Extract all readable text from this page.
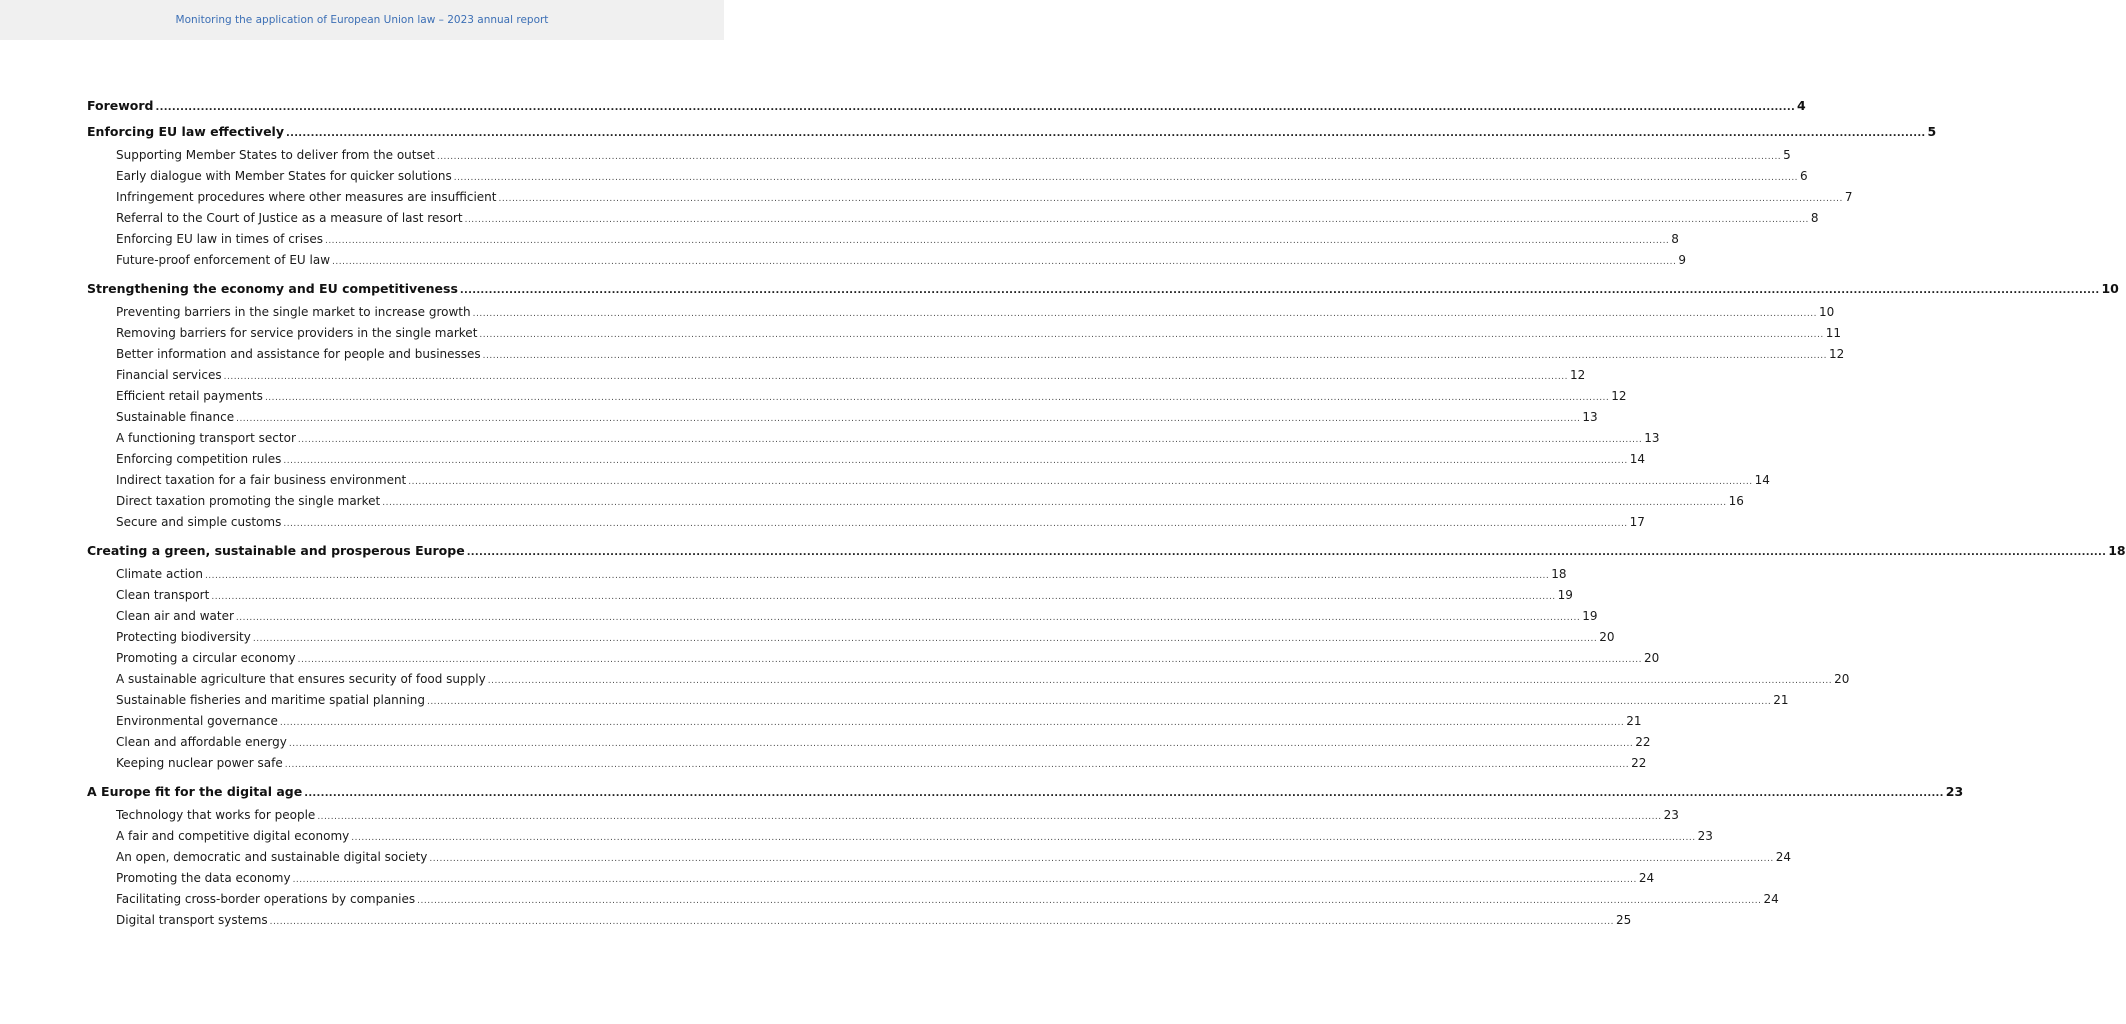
Monitoring the application of European Union law – 2023 annual report
Foreword ................................................................................................................................................................................................................................................................................................................................................................................................................ 4
Enforcing EU law effectively ................................................................................................................................................................................................................................................................................................................................................................................................................ 5
Supporting Member States to deliver from the outset ................................................................................................................................................................................................................................................................................................................................................................................................................ 5
Early dialogue with Member States for quicker solutions ................................................................................................................................................................................................................................................................................................................................................................................................................ 6
Infringement procedures where other measures are insufficient ................................................................................................................................................................................................................................................................................................................................................................................................................ 7
Referral to the Court of Justice as a measure of last resort ................................................................................................................................................................................................................................................................................................................................................................................................................ 8
Enforcing EU law in times of crises ................................................................................................................................................................................................................................................................................................................................................................................................................ 8
Future-proof enforcement of EU law ................................................................................................................................................................................................................................................................................................................................................................................................................ 9
Strengthening the economy and EU competitiveness ................................................................................................................................................................................................................................................................................................................................................................................................................ 10
Preventing barriers in the single market to increase growth ................................................................................................................................................................................................................................................................................................................................................................................................................ 10
Removing barriers for service providers in the single market ................................................................................................................................................................................................................................................................................................................................................................................................................ 11
Better information and assistance for people and businesses ................................................................................................................................................................................................................................................................................................................................................................................................................ 12
Financial services ................................................................................................................................................................................................................................................................................................................................................................................................................ 12
Efficient retail payments ................................................................................................................................................................................................................................................................................................................................................................................................................ 12
Sustainable finance ................................................................................................................................................................................................................................................................................................................................................................................................................ 13
A functioning transport sector ................................................................................................................................................................................................................................................................................................................................................................................................................ 13
Enforcing competition rules ................................................................................................................................................................................................................................................................................................................................................................................................................ 14
Indirect taxation for a fair business environment ................................................................................................................................................................................................................................................................................................................................................................................................................ 14
Direct taxation promoting the single market ................................................................................................................................................................................................................................................................................................................................................................................................................ 16
Secure and simple customs ................................................................................................................................................................................................................................................................................................................................................................................................................ 17
Creating a green, sustainable and prosperous Europe ................................................................................................................................................................................................................................................................................................................................................................................................................ 18
Climate action ................................................................................................................................................................................................................................................................................................................................................................................................................ 18
Clean transport ................................................................................................................................................................................................................................................................................................................................................................................................................ 19
Clean air and water ................................................................................................................................................................................................................................................................................................................................................................................................................ 19
Protecting biodiversity ................................................................................................................................................................................................................................................................................................................................................................................................................ 20
Promoting a circular economy ................................................................................................................................................................................................................................................................................................................................................................................................................ 20
A sustainable agriculture that ensures security of food supply ................................................................................................................................................................................................................................................................................................................................................................................................................ 20
Sustainable fisheries and maritime spatial planning ................................................................................................................................................................................................................................................................................................................................................................................................................ 21
Environmental governance ................................................................................................................................................................................................................................................................................................................................................................................................................ 21
Clean and affordable energy ................................................................................................................................................................................................................................................................................................................................................................................................................ 22
Keeping nuclear power safe ................................................................................................................................................................................................................................................................................................................................................................................................................ 22
A Europe fit for the digital age ................................................................................................................................................................................................................................................................................................................................................................................................................ 23
Technology that works for people ................................................................................................................................................................................................................................................................................................................................................................................................................ 23
A fair and competitive digital economy ................................................................................................................................................................................................................................................................................................................................................................................................................ 23
An open, democratic and sustainable digital society ................................................................................................................................................................................................................................................................................................................................................................................................................ 24
Promoting the data economy ................................................................................................................................................................................................................................................................................................................................................................................................................ 24
Facilitating cross-border operations by companies ................................................................................................................................................................................................................................................................................................................................................................................................................ 24
Digital transport systems ................................................................................................................................................................................................................................................................................................................................................................................................................ 25
